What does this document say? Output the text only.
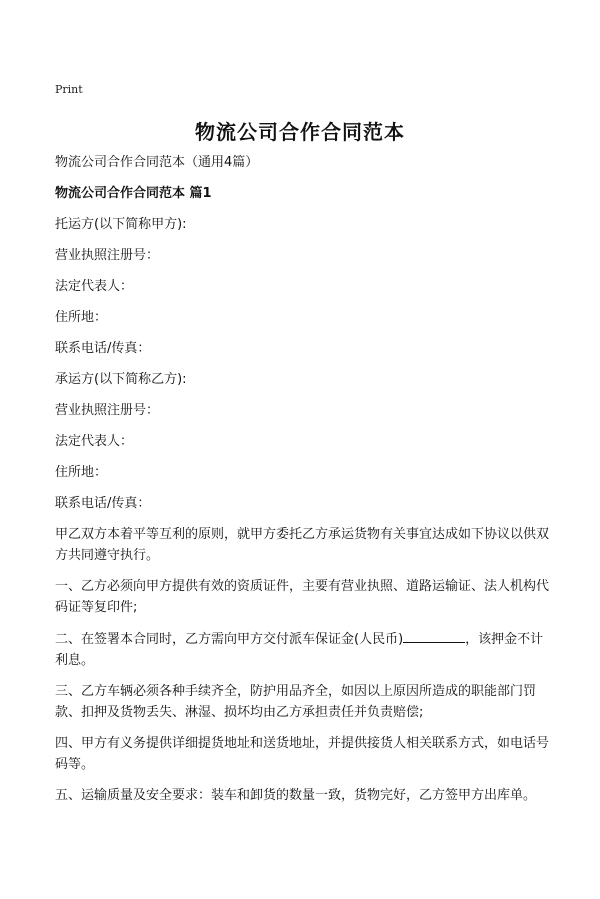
Print
物流公司合作合同范本

物流公司合作合同范本（通用4篇）

物流公司合作合同范本 篇1

托运方(以下简称甲方):

营业执照注册号：

法定代表人：

住所地：

联系电话/传真：

承运方(以下简称乙方):

营业执照注册号：

法定代表人：

住所地：

联系电话/传真：

甲乙双方本着平等互利的原则，就甲方委托乙方承运货物有关事宜达成如下协议以供双方共同遵守执行。

一、乙方必须向甲方提供有效的资质证件，主要有营业执照、道路运输证、法人机构代码证等复印件;

二、在签署本合同时，乙方需向甲方交付派车保证金(人民币)	，该押金不计利息。

三、乙方车辆必须各种手续齐全，防护用品齐全，如因以上原因所造成的职能部门罚款、扣押及货物丢失、淋湿、损坏均由乙方承担责任并负责赔偿;

四、甲方有义务提供详细提货地址和送货地址，并提供接货人相关联系方式，如电话号码等。

五、运输质量及安全要求：装车和卸货的数量一致，货物完好，乙方签甲方出库单。
